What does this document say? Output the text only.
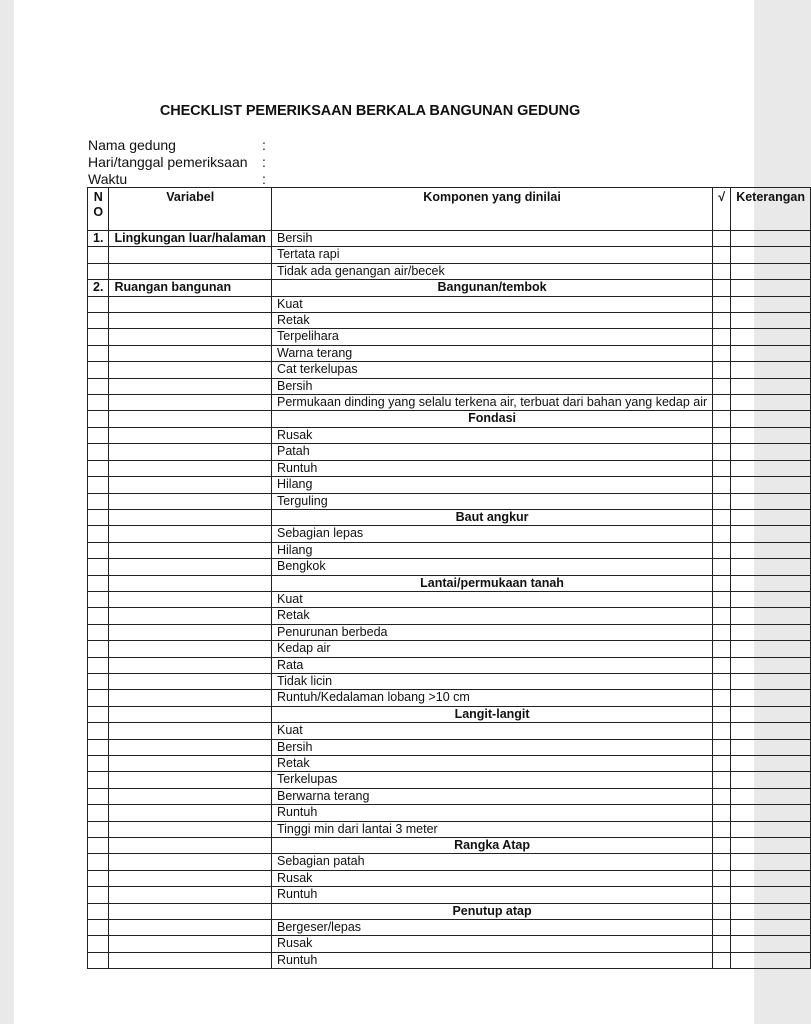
CHECKLIST PEMERIKSAAN BERKALA BANGUNAN GEDUNG
Nama gedung	:
Hari/tanggal pemeriksaan :
Waktu	:
N
O	Variabel	Komponen yang dinilai	√	Keterangan
1.	Lingkungan luar/halaman	Bersih		
		Tertata rapi		
		Tidak ada genangan air/becek		
2.	Ruangan bangunan	Bangunan/tembok		
		Kuat		
		Retak		
		Terpelihara		
		Warna terang		
		Cat terkelupas		
		Bersih		
		Permukaan dinding yang selalu terkena air, terbuat dari bahan yang kedap air		
		Fondasi		
		Rusak		
		Patah		
		Runtuh		
		Hilang		
		Terguling		
		Baut angkur		
		Sebagian lepas		
		Hilang		
		Bengkok		
		Lantai/permukaan tanah		
		Kuat		
		Retak		
		Penurunan berbeda		
		Kedap air		
		Rata		
		Tidak licin		
		Runtuh/Kedalaman lobang >10 cm		
		Langit-langit		
		Kuat		
		Bersih		
		Retak		
		Terkelupas		
		Berwarna terang		
		Runtuh		
		Tinggi min dari lantai 3 meter		
		Rangka Atap		
		Sebagian patah		
		Rusak		
		Runtuh		
		Penutup atap		
		Bergeser/lepas		
		Rusak		
		Runtuh		
